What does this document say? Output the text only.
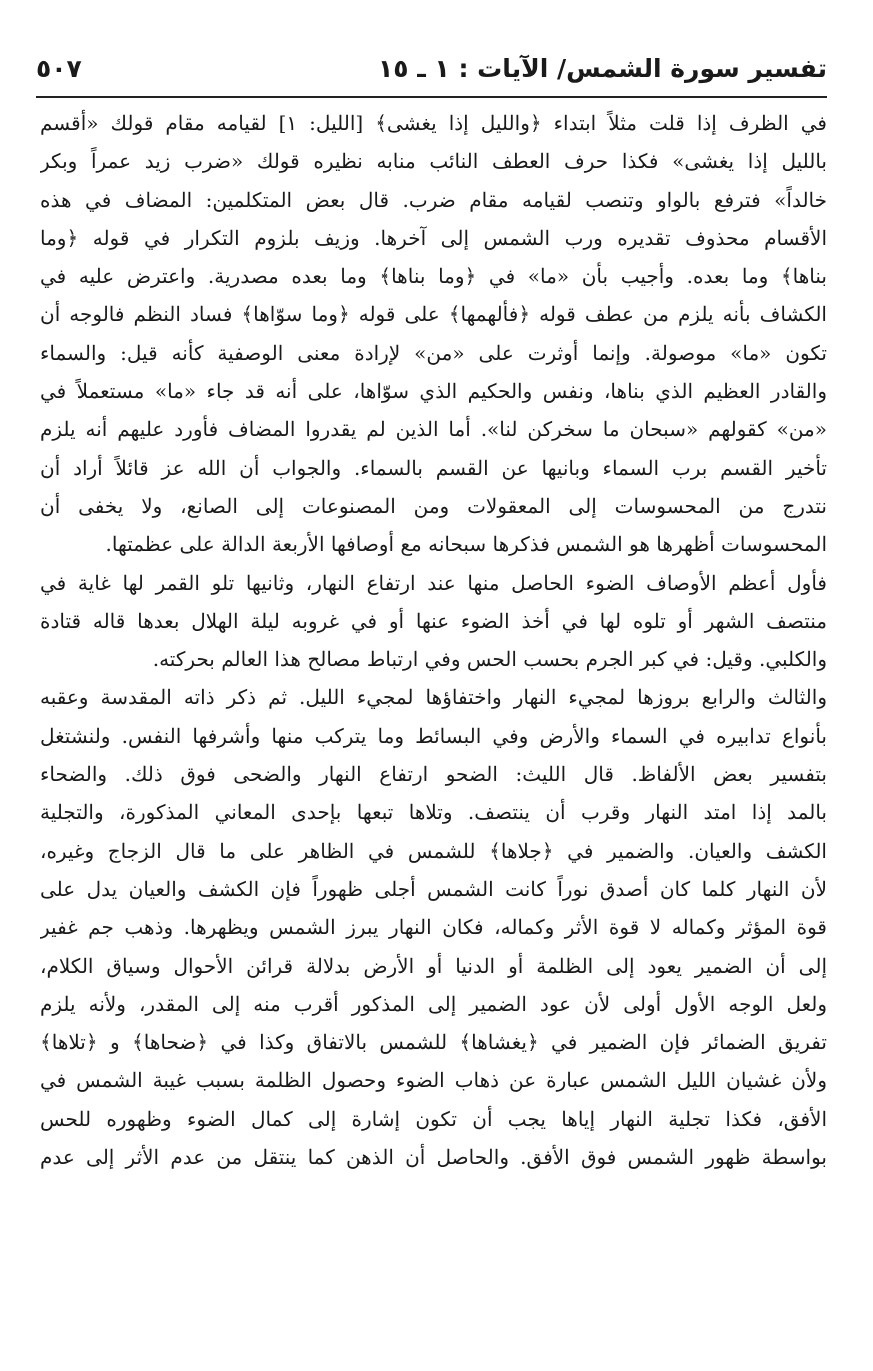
تفسير سورة الشمس/ الآيات : ١ ـ ١٥
٥٠٧
في الظرف إذا قلت مثلاً ابتداء ﴿والليل إذا يغشى﴾ [الليل: ١] لقيامه مقام قولك «أقسم
بالليل إذا يغشى» فكذا حرف العطف النائب منابه نظيره قولك «ضرب زيد عمراً وبكر
خالداً» فترفع بالواو وتنصب لقيامه مقام ضرب. قال بعض المتكلمين: المضاف في هذه
الأقسام محذوف تقديره ورب الشمس إلى آخرها. وزيف بلزوم التكرار في قوله ﴿وما
بناها﴾ وما بعده. وأجيب بأن «ما» في ﴿وما بناها﴾ وما بعده مصدرية. واعترض عليه في
الكشاف بأنه يلزم من عطف قوله ﴿فألهمها﴾ على قوله ﴿وما سوّاها﴾ فساد النظم فالوجه أن
تكون «ما» موصولة. وإنما أوثرت على «من» لإرادة معنى الوصفية كأنه قيل: والسماء
والقادر العظيم الذي بناها، ونفس والحكيم الذي سوّاها، على أنه قد جاء «ما» مستعملاً في
«من» كقولهم «سبحان ما سخركن لنا». أما الذين لم يقدروا المضاف فأورد عليهم أنه يلزم
تأخير القسم برب السماء وبانيها عن القسم بالسماء. والجواب أن الله عز قائلاً أراد أن
نتدرج من المحسوسات إلى المعقولات ومن المصنوعات إلى الصانع، ولا يخفى أن
المحسوسات أظهرها هو الشمس فذكرها سبحانه مع أوصافها الأربعة الدالة على عظمتها.
فأول أعظم الأوصاف الضوء الحاصل منها عند ارتفاع النهار، وثانيها تلو القمر لها غاية في
منتصف الشهر أو تلوه لها في أخذ الضوء عنها أو في غروبه ليلة الهلال بعدها قاله قتادة
والكلبي. وقيل: في كبر الجرم بحسب الحس وفي ارتباط مصالح هذا العالم بحركته.
والثالث والرابع بروزها لمجيء النهار واختفاؤها لمجيء الليل. ثم ذكر ذاته المقدسة وعقبه
بأنواع تدابيره في السماء والأرض وفي البسائط وما يتركب منها وأشرفها النفس. ولنشتغل
بتفسير بعض الألفاظ. قال الليث: الضحو ارتفاع النهار والضحى فوق ذلك. والضحاء
بالمد إذا امتد النهار وقرب أن ينتصف. وتلاها تبعها بإحدى المعاني المذكورة، والتجلية
الكشف والعيان. والضمير في ﴿جلاها﴾ للشمس في الظاهر على ما قال الزجاج وغيره،
لأن النهار كلما كان أصدق نوراً كانت الشمس أجلى ظهوراً فإن الكشف والعيان يدل على
قوة المؤثر وكماله لا قوة الأثر وكماله، فكان النهار يبرز الشمس ويظهرها. وذهب جم غفير
إلى أن الضمير يعود إلى الظلمة أو الدنيا أو الأرض بدلالة قرائن الأحوال وسياق الكلام،
ولعل الوجه الأول أولى لأن عود الضمير إلى المذكور أقرب منه إلى المقدر، ولأنه يلزم
تفريق الضمائر فإن الضمير في ﴿يغشاها﴾ للشمس بالاتفاق وكذا في ﴿ضحاها﴾ و ﴿تلاها﴾
ولأن غشيان الليل الشمس عبارة عن ذهاب الضوء وحصول الظلمة بسبب غيبة الشمس في
الأفق، فكذا تجلية النهار إياها يجب أن تكون إشارة إلى كمال الضوء وظهوره للحس
بواسطة ظهور الشمس فوق الأفق. والحاصل أن الذهن كما ينتقل من عدم الأثر إلى عدم
